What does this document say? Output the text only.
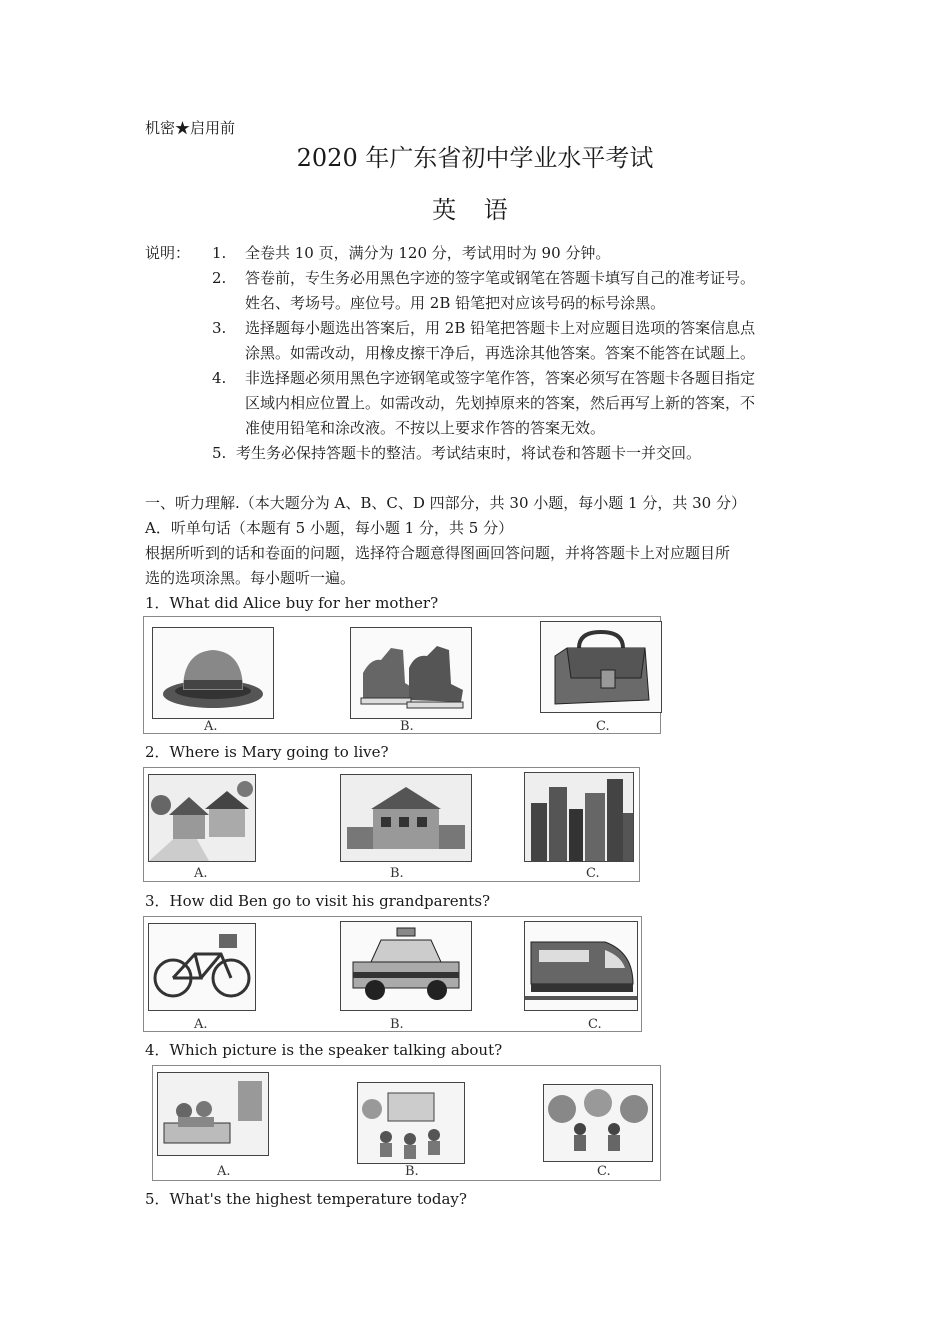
机密★启用前
2020 年广东省初中学业水平考试
英 语
说明： 1.
2.
3.
4.
5.
全卷共 10 页，满分为 120 分，考试用时为 90 分钟。
答卷前，专生务必用黑色字迹的签字笔或钢笔在答题卡填写自己的准考证号。
姓名、考场号。座位号。用 2B 铅笔把对应该号码的标号涂黑。
选择题每小题选出答案后，用 2B 铅笔把答题卡上对应题目选项的答案信息点
涂黑。如需改动，用橡皮擦干净后，再选涂其他答案。答案不能答在试题上。
非选择题必须用黑色字迹钢笔或签字笔作答，答案必须写在答题卡各题目指定
区域内相应位置上。如需改动，先划掉原来的答案，然后再写上新的答案，不
准使用铅笔和涂改液。不按以上要求作答的答案无效。
考生务必保持答题卡的整洁。考试结束时，将试卷和答题卡一并交回。
一、听力理解.（本大题分为 A、B、C、D 四部分，共 30 小题，每小题 1 分，共 30 分）
A．听单句话（本题有 5 小题，每小题 1 分，共 5 分）
根据所听到的话和卷面的问题，选择符合题意得图画回答问题，并将答题卡上对应题目所
选的选项涂黑。每小题听一遍。
1．What did Alice buy for her mother?
A.	B.	C.
2．Where is Mary going to live?
A.	B.	C.
3．How did Ben go to visit his grandparents?
A.	B.	C.
4．Which picture is the speaker talking about?
A.	B.	C.
5．What's the highest temperature today?
